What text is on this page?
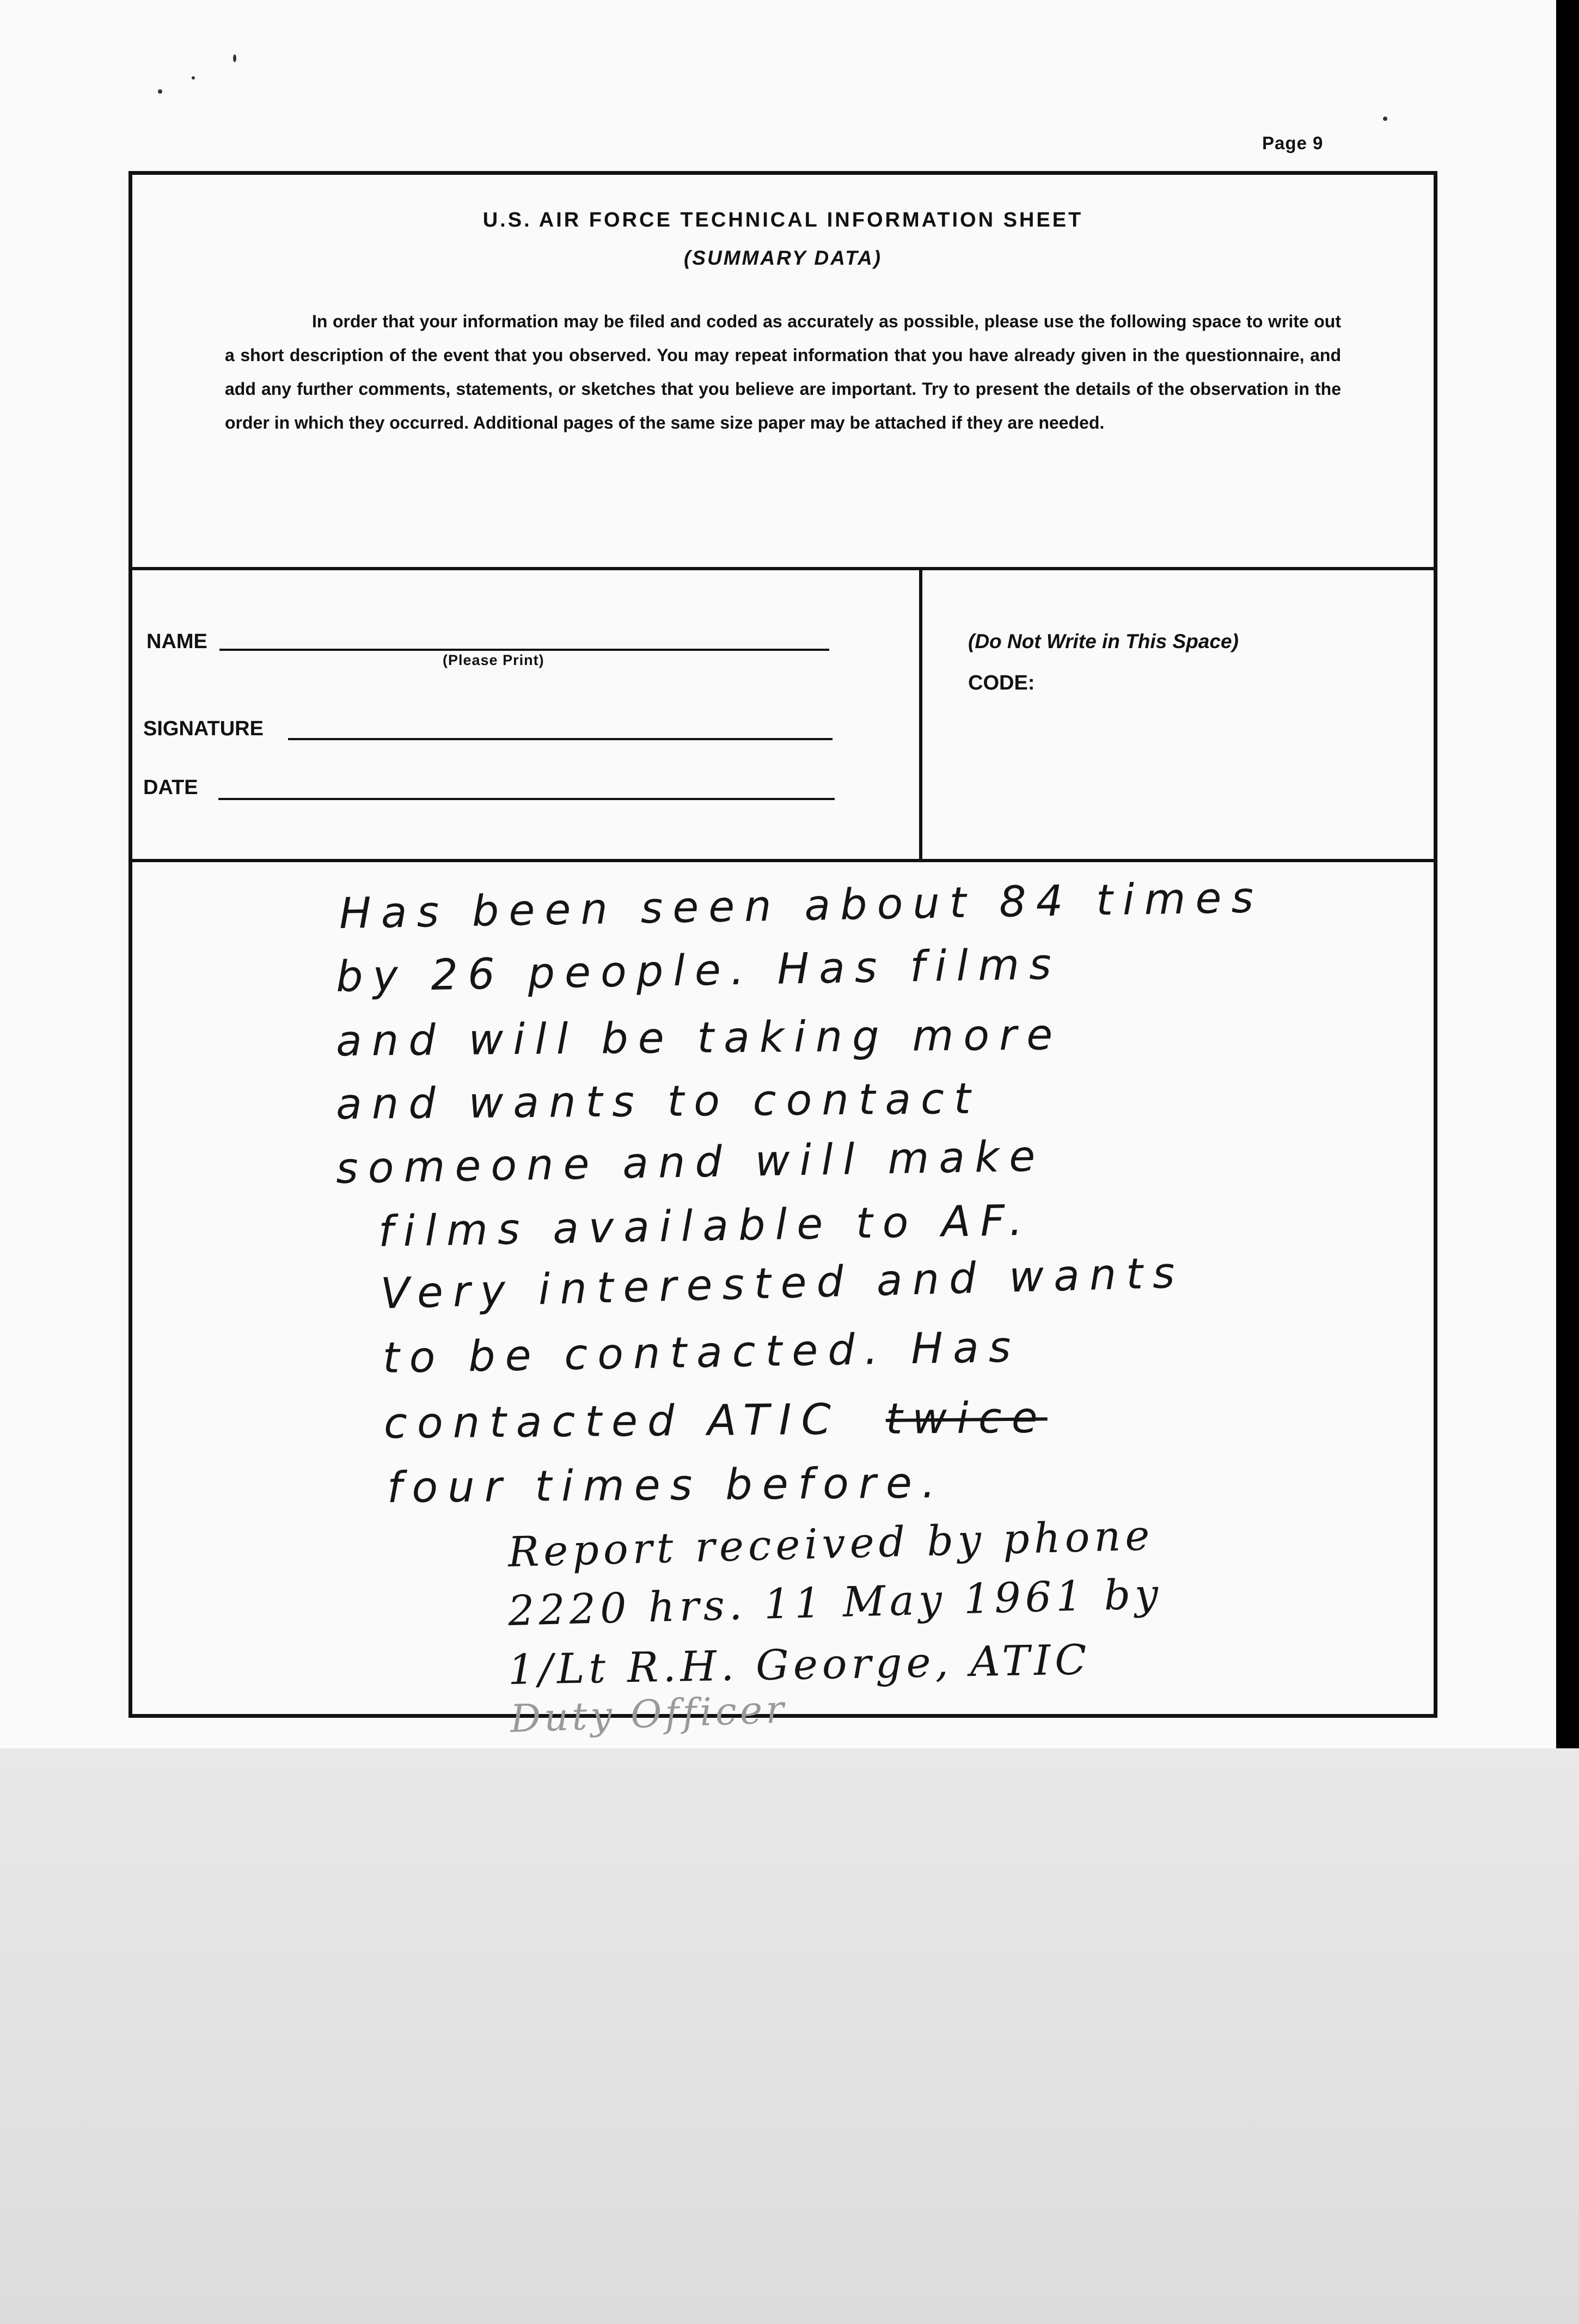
Page 9
U.S. AIR FORCE TECHNICAL INFORMATION SHEET
(SUMMARY DATA)
In order that your information may be filed and coded as accurately as possible, please use the following space to write out a short description of the event that you observed. You may repeat information that you have already given in the questionnaire, and add any further comments, statements, or sketches that you believe are important. Try to present the details of the observation in the order in which they occurred. Additional pages of the same size paper may be attached if they are needed.
NAME
(Please Print)
SIGNATURE
DATE
(Do Not Write in This Space)
CODE:
Has been seen about 84 times
by 26 people. Has films
and will be taking more
and wants to contact
someone and will make
films available to AF.
Very interested and wants
to be contacted. Has
contacted ATIC twice
four times before.
Report received by phone
2220 hrs. 11 May 1961 by
1/Lt R.H. George, ATIC
Duty Officer
